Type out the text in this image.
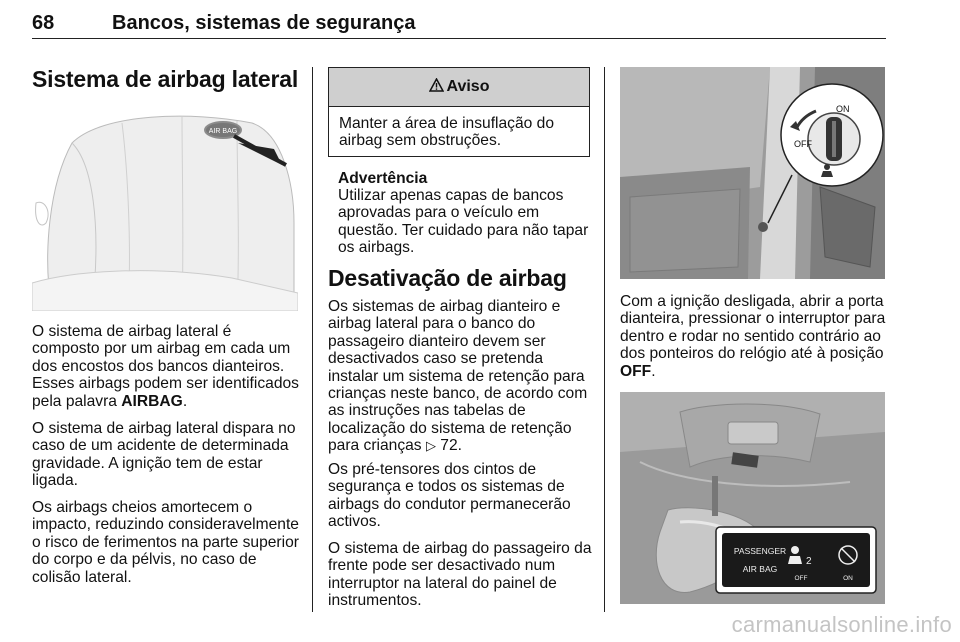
68	Bancos, sistemas de segurança
Sistema de airbag lateral
AIR BAG

O sistema de airbag lateral é composto por um airbag em cada um dos encostos dos bancos dianteiros. Esses airbags podem ser identificados pela palavra AIRBAG.

O sistema de airbag lateral dispara no caso de um acidente de determinada gravidade. A ignição tem de estar ligada.

Os airbags cheios amortecem o impacto, reduzindo consideravelmente o risco de ferimentos na parte superior do corpo e da pélvis, no caso de colisão lateral.

Aviso
Manter a área de insuflação do airbag sem obstruções.
Advertência

Utilizar apenas capas de bancos aprovadas para o veículo em questão. Ter cuidado para não tapar os airbags.

Desativação de airbag

Os sistemas de airbag dianteiro e airbag lateral para o banco do passageiro dianteiro devem ser desactivados caso se pretenda instalar um sistema de retenção para crianças neste banco, de acordo com as instruções nas tabelas de localização do sistema de retenção para crianças ▷ 72.

Os pré-tensores dos cintos de segurança e todos os sistemas de airbags do condutor permanecerão activos.

O sistema de airbag do passageiro da frente pode ser desactivado num interruptor na lateral do painel de instrumentos.

ON
OFF

Com a ignição desligada, abrir a porta dianteira, pressionar o interruptor para dentro e rodar no sentido contrário ao dos ponteiros do relógio até à posição OFF.

PASSENGER
AIR BAG
2
OFF	ON
carmanualsonline.info
